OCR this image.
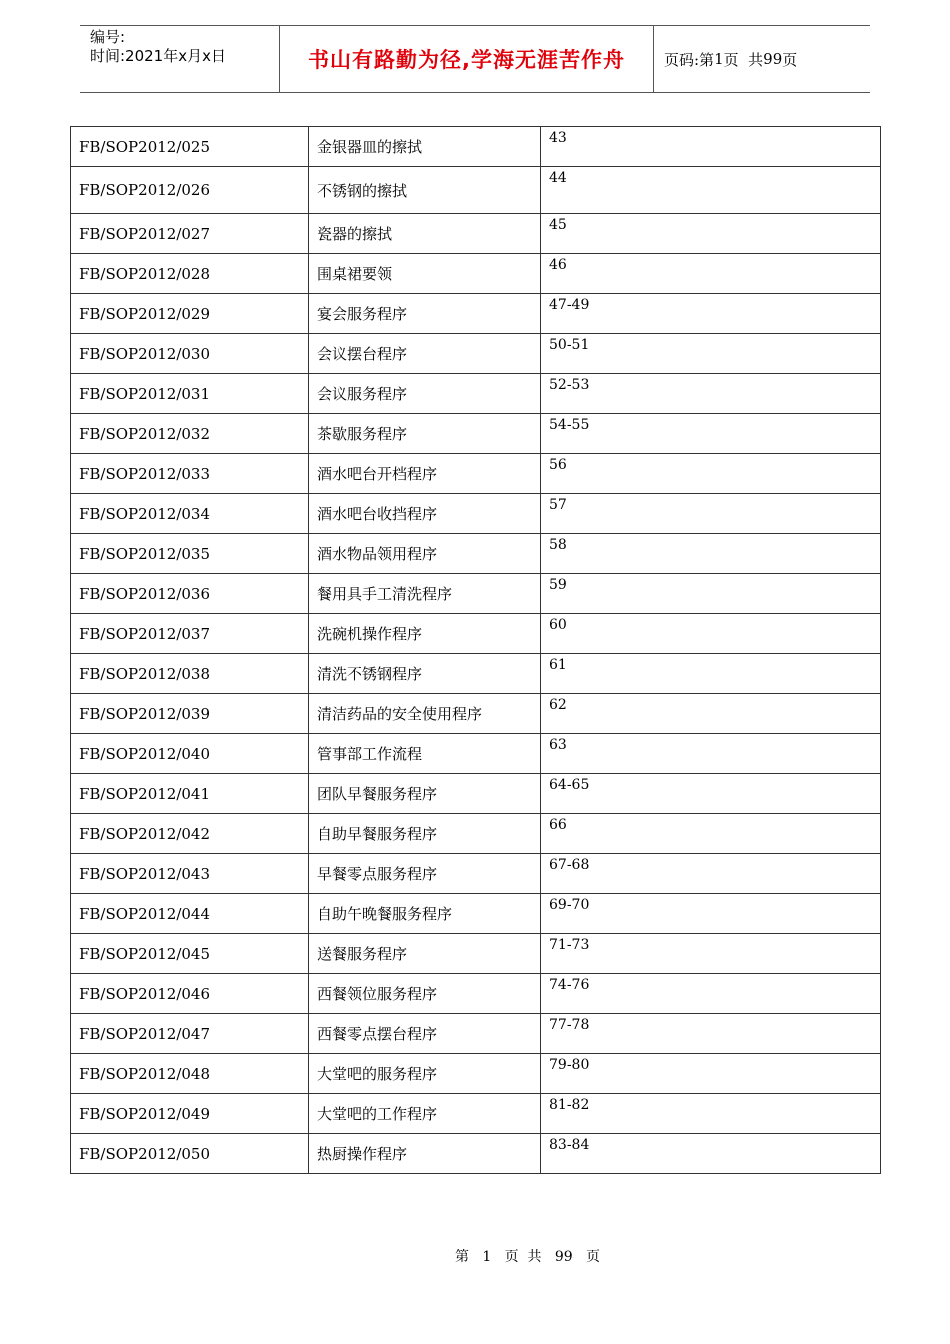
编号:
时间:2021年x月x日	书山有路勤为径,学海无涯苦作舟	页码:第 1 页  共 99 页
FB/SOP2012/025	金银器皿的擦拭	43
FB/SOP2012/026	不锈钢的擦拭	44
FB/SOP2012/027	瓷器的擦拭	45
FB/SOP2012/028	围桌裙要领	46
FB/SOP2012/029	宴会服务程序	47-49
FB/SOP2012/030	会议摆台程序	50-51
FB/SOP2012/031	会议服务程序	52-53
FB/SOP2012/032	茶歇服务程序	54-55
FB/SOP2012/033	酒水吧台开档程序	56
FB/SOP2012/034	酒水吧台收挡程序	57
FB/SOP2012/035	酒水物品领用程序	58
FB/SOP2012/036	餐用具手工清洗程序	59
FB/SOP2012/037	洗碗机操作程序	60
FB/SOP2012/038	清洗不锈钢程序	61
FB/SOP2012/039	清洁药品的安全使用程序	62
FB/SOP2012/040	管事部工作流程	63
FB/SOP2012/041	团队早餐服务程序	64-65
FB/SOP2012/042	自助早餐服务程序	66
FB/SOP2012/043	早餐零点服务程序	67-68
FB/SOP2012/044	自助午晚餐服务程序	69-70
FB/SOP2012/045	送餐服务程序	71-73
FB/SOP2012/046	西餐领位服务程序	74-76
FB/SOP2012/047	西餐零点摆台程序	77-78
FB/SOP2012/048	大堂吧的服务程序	79-80
FB/SOP2012/049	大堂吧的工作程序	81-82
FB/SOP2012/050	热厨操作程序	83-84
第 1 页  共 99 页
